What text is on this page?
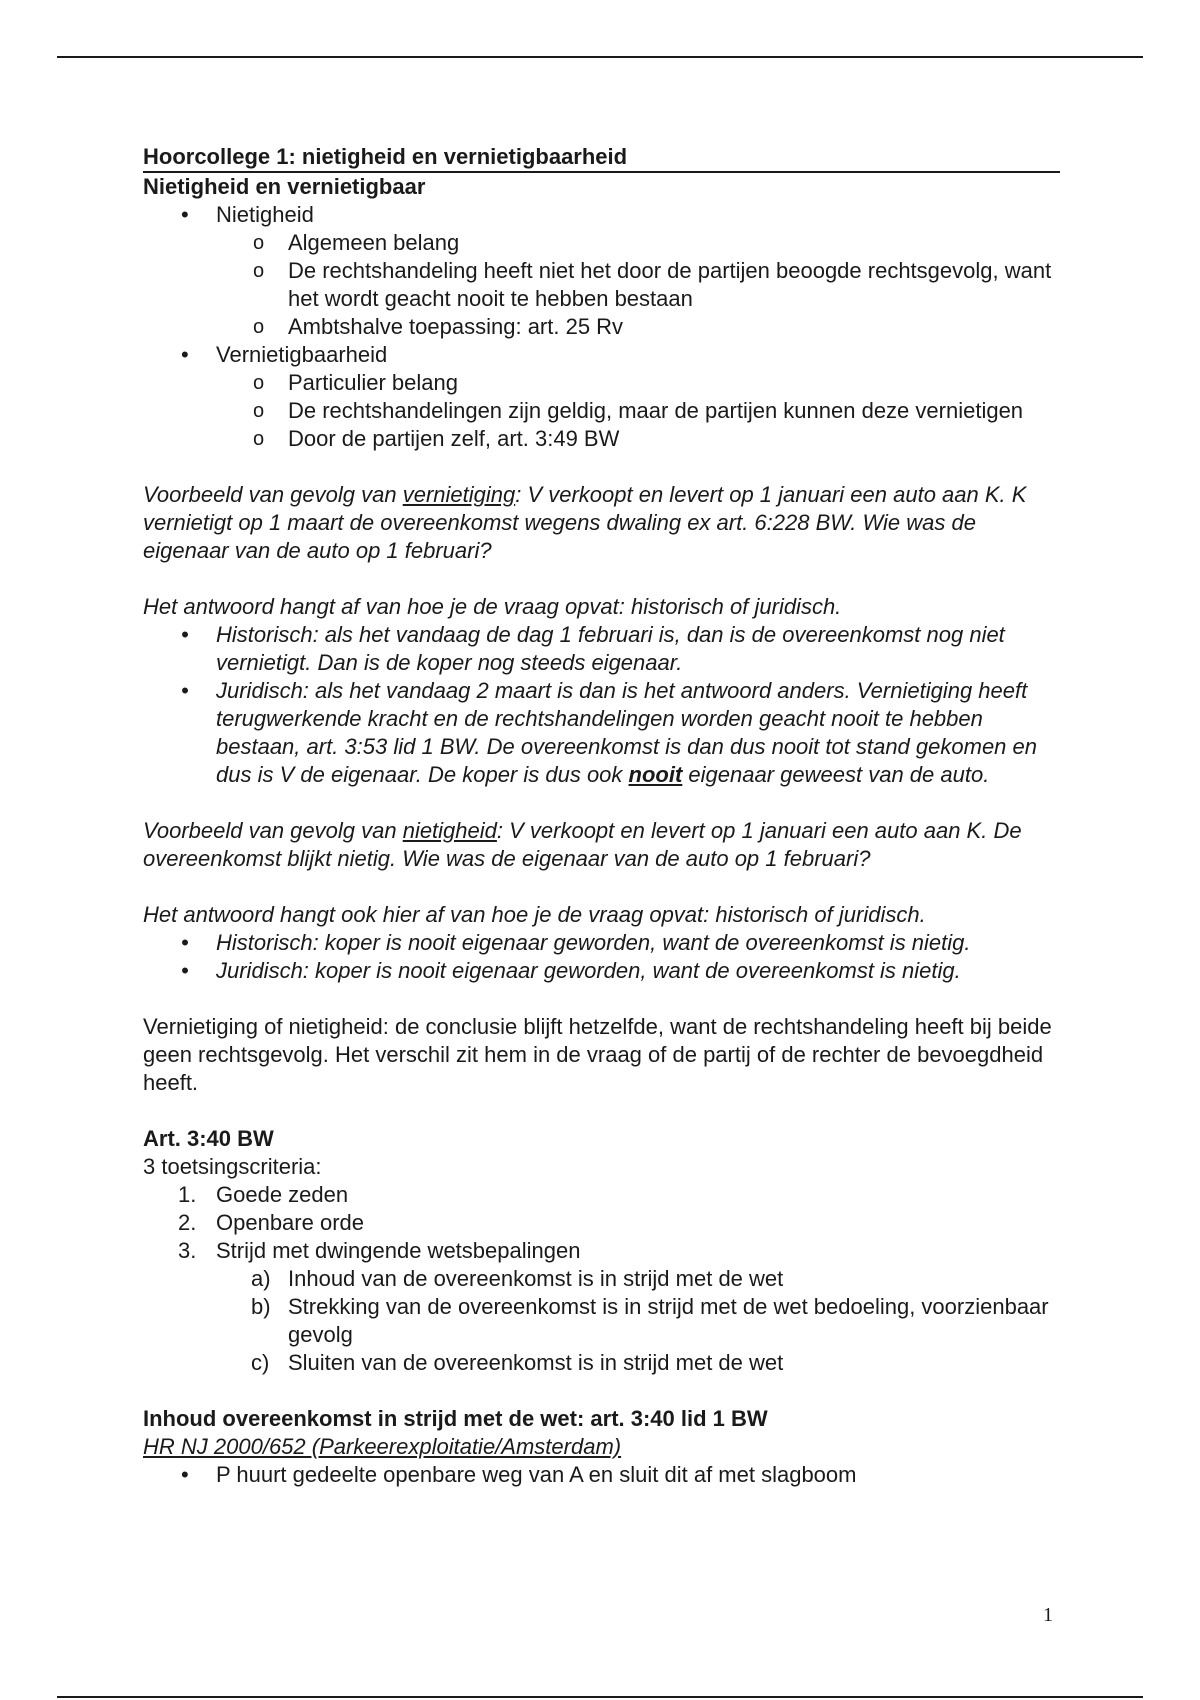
Hoorcollege 1: nietigheid en vernietigbaarheid

Nietigheid en vernietigbaar

• Nietigheid
o Algemeen belang
o De rechtshandeling heeft niet het door de partijen beoogde rechtsgevolg, want het wordt geacht nooit te hebben bestaan
o Ambtshalve toepassing: art. 25 Rv
• Vernietigbaarheid
o Particulier belang
o De rechtshandelingen zijn geldig, maar de partijen kunnen deze vernietigen
o Door de partijen zelf, art. 3:49 BW

Voorbeeld van gevolg van vernietiging: V verkoopt en levert op 1 januari een auto aan K. K vernietigt op 1 maart de overeenkomst wegens dwaling ex art. 6:228 BW. Wie was de eigenaar van de auto op 1 februari?

Het antwoord hangt af van hoe je de vraag opvat: historisch of juridisch.

• Historisch: als het vandaag de dag 1 februari is, dan is de overeenkomst nog niet vernietigt. Dan is de koper nog steeds eigenaar.
• Juridisch: als het vandaag 2 maart is dan is het antwoord anders. Vernietiging heeft terugwerkende kracht en de rechtshandelingen worden geacht nooit te hebben bestaan, art. 3:53 lid 1 BW. De overeenkomst is dan dus nooit tot stand gekomen en dus is V de eigenaar. De koper is dus ook nooit eigenaar geweest van de auto.

Voorbeeld van gevolg van nietigheid: V verkoopt en levert op 1 januari een auto aan K. De overeenkomst blijkt nietig. Wie was de eigenaar van de auto op 1 februari?

Het antwoord hangt ook hier af van hoe je de vraag opvat: historisch of juridisch.

• Historisch: koper is nooit eigenaar geworden, want de overeenkomst is nietig.
• Juridisch: koper is nooit eigenaar geworden, want de overeenkomst is nietig.

Vernietiging of nietigheid: de conclusie blijft hetzelfde, want de rechtshandeling heeft bij beide geen rechtsgevolg. Het verschil zit hem in de vraag of de partij of de rechter de bevoegdheid heeft.

Art. 3:40 BW

3 toetsingscriteria:

1. Goede zeden
2. Openbare orde
3. Strijd met dwingende wetsbepalingen
a) Inhoud van de overeenkomst is in strijd met de wet
b) Strekking van de overeenkomst is in strijd met de wet bedoeling, voorzienbaar gevolg
c) Sluiten van de overeenkomst is in strijd met de wet

Inhoud overeenkomst in strijd met de wet: art. 3:40 lid 1 BW

HR NJ 2000/652 (Parkeerexploitatie/Amsterdam)

• P huurt gedeelte openbare weg van A en sluit dit af met slagboom
1
